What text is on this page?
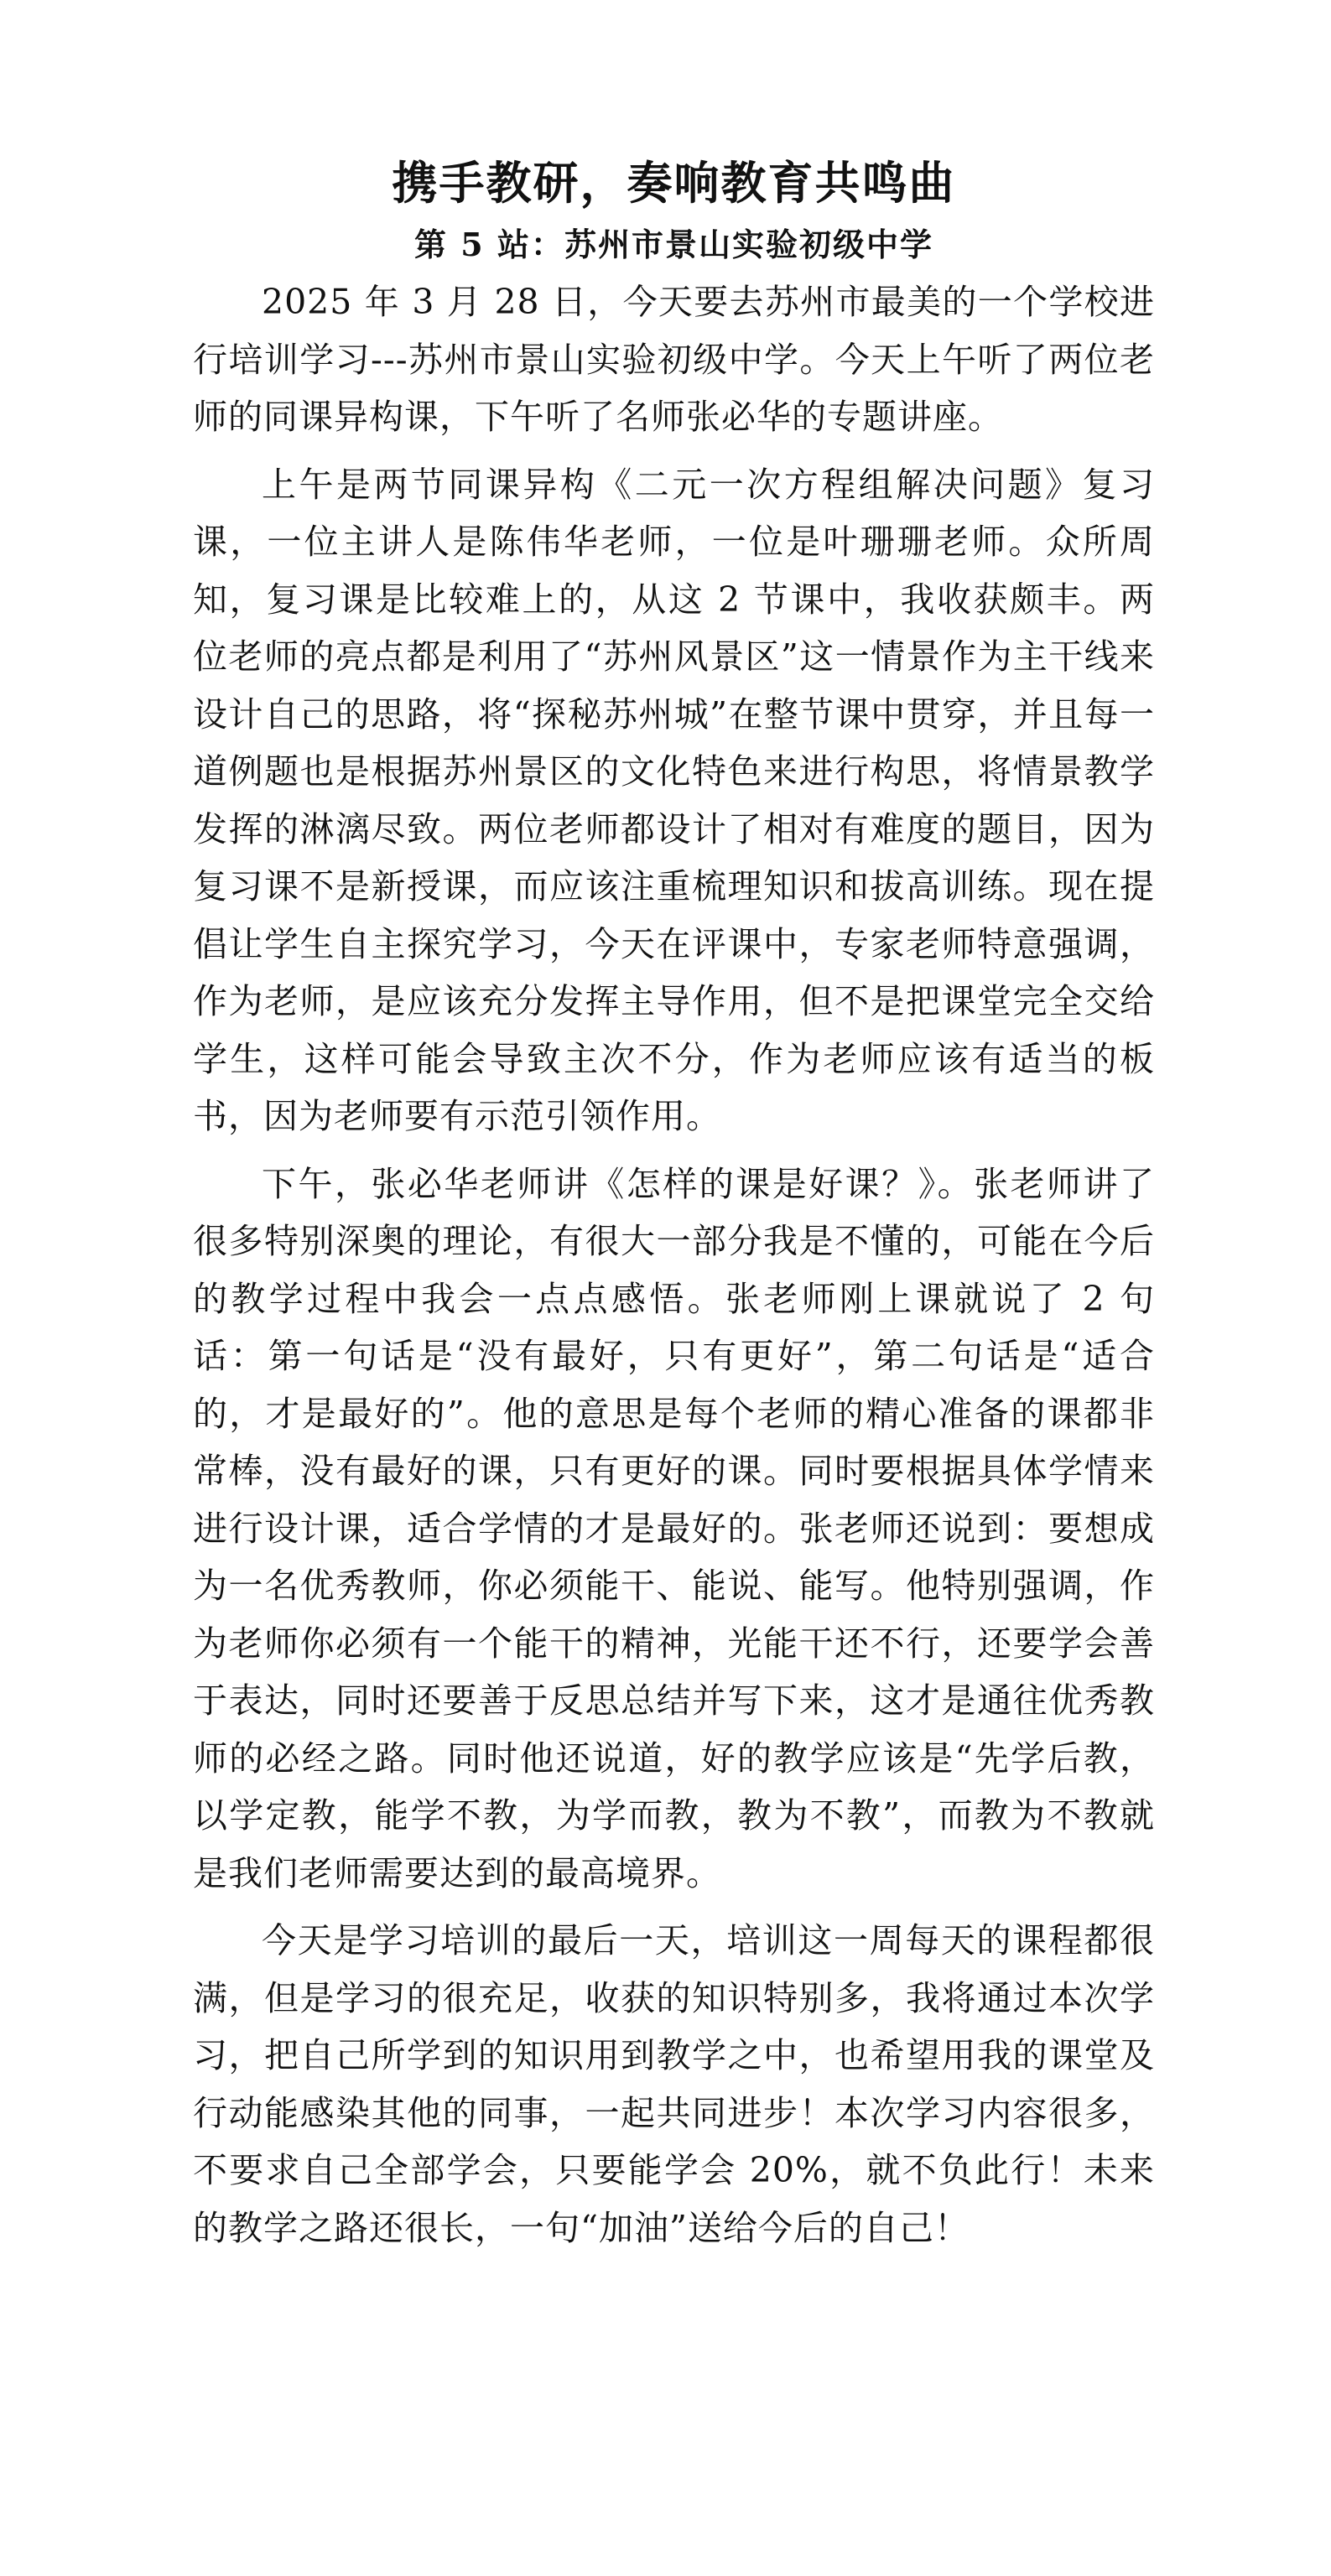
携手教研，奏响教育共鸣曲
第 5 站：苏州市景山实验初级中学

2025 年 3 月 28 日，今天要去苏州市最美的一个学校进行培训学习---苏州市景山实验初级中学。今天上午听了两位老师的同课异构课，下午听了名师张必华的专题讲座。

上午是两节同课异构《二元一次方程组解决问题》复习课，一位主讲人是陈伟华老师，一位是叶珊珊老师。众所周知，复习课是比较难上的，从这 2 节课中，我收获颇丰。两位老师的亮点都是利用了“苏州风景区”这一情景作为主干线来设计自己的思路，将“探秘苏州城”在整节课中贯穿，并且每一道例题也是根据苏州景区的文化特色来进行构思，将情景教学发挥的淋漓尽致。两位老师都设计了相对有难度的题目，因为复习课不是新授课，而应该注重梳理知识和拔高训练。现在提倡让学生自主探究学习，今天在评课中，专家老师特意强调，作为老师，是应该充分发挥主导作用，但不是把课堂完全交给学生，这样可能会导致主次不分，作为老师应该有适当的板书，因为老师要有示范引领作用。

下午，张必华老师讲《怎样的课是好课？》。张老师讲了很多特别深奥的理论，有很大一部分我是不懂的，可能在今后的教学过程中我会一点点感悟。张老师刚上课就说了 2 句话：第一句话是“没有最好，只有更好”，第二句话是“适合的，才是最好的”。他的意思是每个老师的精心准备的课都非常棒，没有最好的课，只有更好的课。同时要根据具体学情来进行设计课，适合学情的才是最好的。张老师还说到：要想成为一名优秀教师，你必须能干、能说、能写。他特别强调，作为老师你必须有一个能干的精神，光能干还不行，还要学会善于表达，同时还要善于反思总结并写下来，这才是通往优秀教师的必经之路。同时他还说道，好的教学应该是“先学后教，以学定教，能学不教，为学而教，教为不教”，而教为不教就是我们老师需要达到的最高境界。

今天是学习培训的最后一天，培训这一周每天的课程都很满，但是学习的很充足，收获的知识特别多，我将通过本次学习，把自己所学到的知识用到教学之中，也希望用我的课堂及行动能感染其他的同事，一起共同进步！本次学习内容很多，不要求自己全部学会，只要能学会 20%，就不负此行！未来的教学之路还很长，一句“加油”送给今后的自己！
